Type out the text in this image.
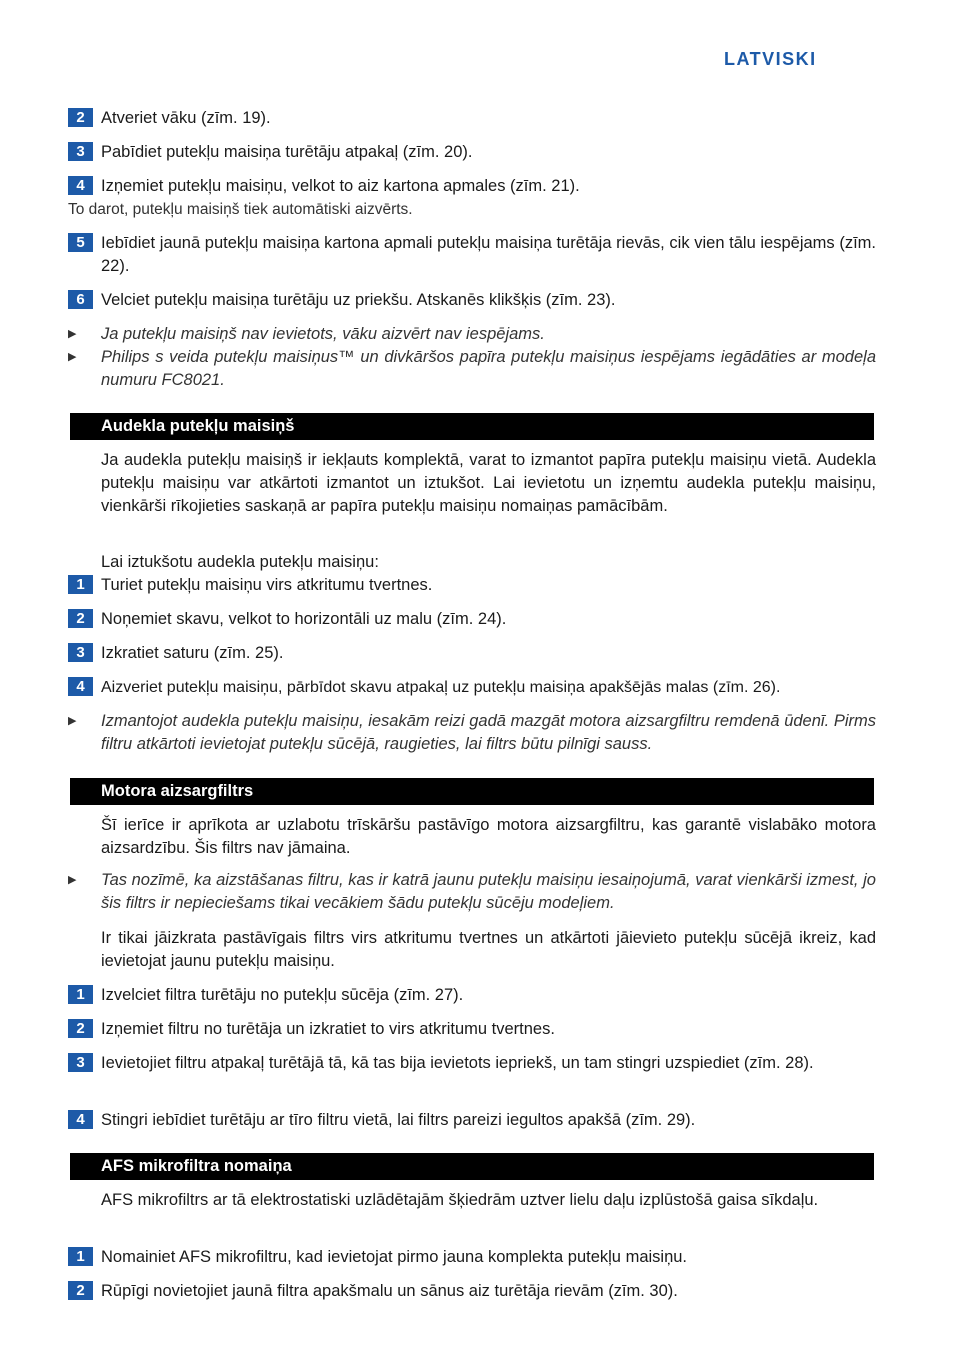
LATVISKI
2 Atveriet vāku (zīm. 19).
3 Pabīdiet putekļu maisiņa turētāju atpakaļ (zīm. 20).
4 Izņemiet putekļu maisiņu, velkot to aiz kartona apmales (zīm. 21).
To darot, putekļu maisiņš tiek automātiski aizvērts.
5 Iebīdiet jaunā putekļu maisiņa kartona apmali putekļu maisiņa turētāja rievās, cik vien tālu iespējams (zīm. 22).
6 Velciet putekļu maisiņa turētāju uz priekšu. Atskanēs klikšķis (zīm. 23).
▶ Ja putekļu maisiņš nav ievietots, vāku aizvērt nav iespējams.
▶ Philips s veida putekļu maisiņus™ un divkāršos papīra putekļu maisiņus iespējams iegādāties ar modeļa numuru FC8021.
Audekla putekļu maisiņš
Ja audekla putekļu maisiņš ir iekļauts komplektā, varat to izmantot papīra putekļu maisiņu vietā. Audekla putekļu maisiņu var atkārtoti izmantot un iztukšot. Lai ievietotu un izņemtu audekla putekļu maisiņu, vienkārši rīkojieties saskaņā ar papīra putekļu maisiņu nomaiņas pamācībām.
Lai iztukšotu audekla putekļu maisiņu:
1 Turiet putekļu maisiņu virs atkritumu tvertnes.
2 Noņemiet skavu, velkot to horizontāli uz malu (zīm. 24).
3 Izkratiet saturu (zīm. 25).
4	Aizveriet putekļu maisiņu, pārbīdot skavu atpakaļ uz putekļu maisiņa apakšējās malas (zīm. 26).
▶ Izmantojot audekla putekļu maisiņu, iesakām reizi gadā mazgāt motora aizsargfiltru remdenā ūdenī. Pirms filtru atkārtoti ievietojat putekļu sūcējā, raugieties, lai filtrs būtu pilnīgi sauss.
Motora aizsargfiltrs
Šī ierīce ir aprīkota ar uzlabotu trīskāršu pastāvīgo motora aizsargfiltru, kas garantē vislabāko motora aizsardzību. Šis filtrs nav jāmaina.
▶ Tas nozīmē, ka aizstāšanas filtru, kas ir katrā jaunu putekļu maisiņu iesaiņojumā, varat vienkārši izmest, jo šis filtrs ir nepieciešams tikai vecākiem šādu putekļu sūcēju modeļiem.
Ir tikai jāizkrata pastāvīgais filtrs virs atkritumu tvertnes un atkārtoti jāievieto putekļu sūcējā ikreiz, kad ievietojat jaunu putekļu maisiņu.
1 Izvelciet filtra turētāju no putekļu sūcēja (zīm. 27).
2 Izņemiet filtru no turētāja un izkratiet to virs atkritumu tvertnes.
3 Ievietojiet filtru atpakaļ turētājā tā, kā tas bija ievietots iepriekš, un tam stingri uzspiediet (zīm. 28).
4 Stingri iebīdiet turētāju ar tīro filtru vietā, lai filtrs pareizi iegultos apakšā (zīm. 29).
AFS mikrofiltra nomaiņa
AFS mikrofiltrs ar tā elektrostatiski uzlādētajām šķiedrām uztver lielu daļu izplūstošā gaisa sīkdaļu.
1 Nomainiet AFS mikrofiltru, kad ievietojat pirmo jauna komplekta putekļu maisiņu.
2 Rūpīgi novietojiet jaunā filtra apakšmalu un sānus aiz turētāja rievām (zīm. 30).
